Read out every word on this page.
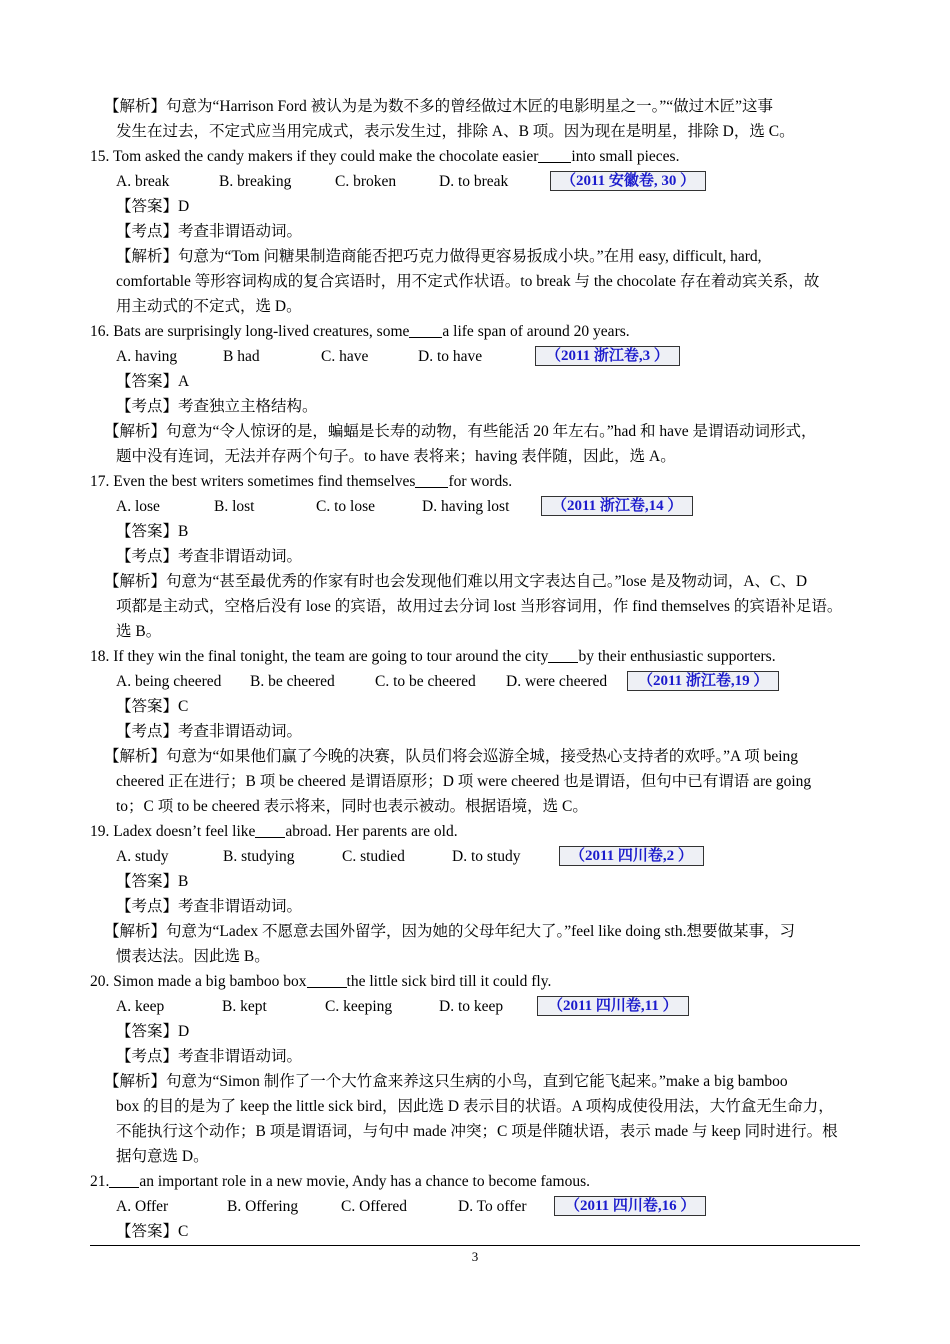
【解析】句意为“Harrison Ford 被认为是为数不多的曾经做过木匠的电影明星之一。”“做过木匠”这事
发生在过去，不定式应当用完成式，表示发生过，排除 A、B 项。因为现在是明星，排除 D，选 C。
15. Tom asked the candy makers if they could make the chocolate easier into small pieces.
A. break	B. breaking	C. broken	D. to break	（2011 安徽卷, 30 ）
【答案】D
【考点】考查非谓语动词。
【解析】句意为“Tom 问糖果制造商能否把巧克力做得更容易扳成小块。”在用 easy, difficult, hard,
comfortable 等形容词构成的复合宾语时，用不定式作状语。to break 与 the chocolate 存在着动宾关系，故
用主动式的不定式，选 D。
16. Bats are surprisingly long-lived creatures, some a life span of around 20 years.
A. having	B had	C. have	D. to have	（2011 浙江卷,3 ）
【答案】A
【考点】考查独立主格结构。
【解析】句意为“令人惊讶的是，蝙蝠是长寿的动物，有些能活 20 年左右。”had 和 have 是谓语动词形式，
题中没有连词，无法并存两个句子。to have 表将来；having 表伴随，因此，选 A。
17. Even the best writers sometimes find themselves for words.
A. lose	B. lost	C. to lose	D. having lost	（2011 浙江卷,14 ）
【答案】B
【考点】考查非谓语动词。
【解析】句意为“甚至最优秀的作家有时也会发现他们难以用文字表达自己。”lose 是及物动词，A、C、D
项都是主动式，空格后没有 lose 的宾语，故用过去分词 lost 当形容词用，作 find themselves 的宾语补足语。
选 B。
18. If they win the final tonight, the team are going to tour around the city by their enthusiastic supporters.
A. being cheered B. be cheered	C. to be cheered D. were cheered （2011 浙江卷,19 ）
【答案】C
【考点】考查非谓语动词。
【解析】句意为“如果他们赢了今晚的决赛，队员们将会巡游全城，接受热心支持者的欢呼。”A 项 being
cheered 正在进行；B 项 be cheered 是谓语原形；D 项 were cheered 也是谓语，但句中已有谓语 are going
to；C 项 to be cheered 表示将来，同时也表示被动。根据语境，选 C。
19. Ladex doesn’t feel like abroad. Her parents are old.
A. study	B. studying	C. studied	D. to study	（2011 四川卷,2 ）
【答案】B
【考点】考查非谓语动词。
【解析】句意为“Ladex 不愿意去国外留学，因为她的父母年纪大了。”feel like doing sth.想要做某事，习
惯表达法。因此选 B。
20. Simon made a big bamboo box	the little sick bird till it could fly.
A. keep	B. kept	C. keeping	D. to keep	（2011 四川卷,11 ）
【答案】D
【考点】考查非谓语动词。
【解析】句意为“Simon 制作了一个大竹盒来养这只生病的小鸟，直到它能飞起来。”make a big bamboo
box 的目的是为了 keep the little sick bird，因此选 D 表示目的状语。A 项构成使役用法，大竹盒无生命力，
不能执行这个动作；B 项是谓语词，与句中 made 冲突；C 项是伴随状语，表示 made 与 keep 同时进行。根
据句意选 D。
21. an important role in a new movie, Andy has a chance to become famous.
A. Offer	B. Offering	C. Offered	D. To offer	（2011 四川卷,16 ）
【答案】C
3
